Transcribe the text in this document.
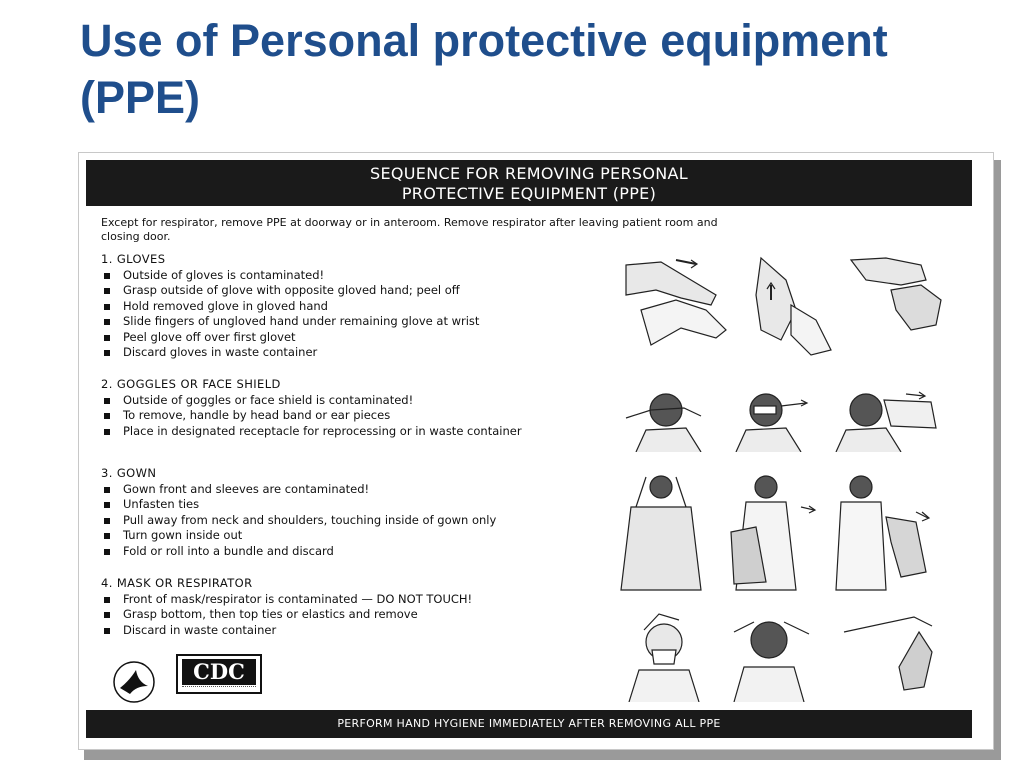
Use of Personal protective equipment (PPE)
SEQUENCE FOR REMOVING PERSONAL
PROTECTIVE EQUIPMENT (PPE)
Except for respirator, remove PPE at doorway or in anteroom. Remove respirator after leaving patient room and closing door.
1. GLOVES
Outside of gloves is contaminated!
Grasp outside of glove with opposite gloved hand; peel off
Hold removed glove in gloved hand
Slide fingers of ungloved hand under remaining glove at wrist
Peel glove off over first glovet
Discard gloves in waste container
2. GOGGLES OR FACE SHIELD
Outside of goggles or face shield is contaminated!
To remove, handle by head band or ear pieces
Place in designated receptacle for reprocessing or in waste container
3. GOWN
Gown front and sleeves are contaminated!
Unfasten ties
Pull away from neck and shoulders, touching inside of gown only
Turn gown inside out
Fold or roll into a bundle and discard
4. MASK OR RESPIRATOR
Front of mask/respirator is contaminated — DO NOT TOUCH!
Grasp bottom, then top ties or elastics and remove
Discard in waste container
CDC
PERFORM HAND HYGIENE IMMEDIATELY AFTER REMOVING ALL PPE
